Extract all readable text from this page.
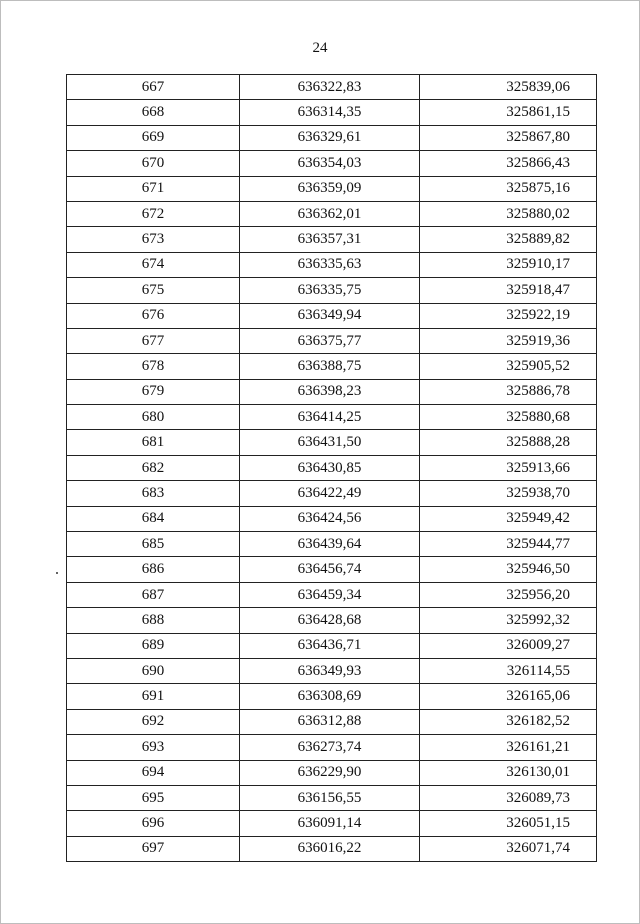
24
667	636322,83	325839,06
668	636314,35	325861,15
669	636329,61	325867,80
670	636354,03	325866,43
671	636359,09	325875,16
672	636362,01	325880,02
673	636357,31	325889,82
674	636335,63	325910,17
675	636335,75	325918,47
676	636349,94	325922,19
677	636375,77	325919,36
678	636388,75	325905,52
679	636398,23	325886,78
680	636414,25	325880,68
681	636431,50	325888,28
682	636430,85	325913,66
683	636422,49	325938,70
684	636424,56	325949,42
685	636439,64	325944,77
686	636456,74	325946,50
687	636459,34	325956,20
688	636428,68	325992,32
689	636436,71	326009,27
690	636349,93	326114,55
691	636308,69	326165,06
692	636312,88	326182,52
693	636273,74	326161,21
694	636229,90	326130,01
695	636156,55	326089,73
696	636091,14	326051,15
697	636016,22	326071,74
